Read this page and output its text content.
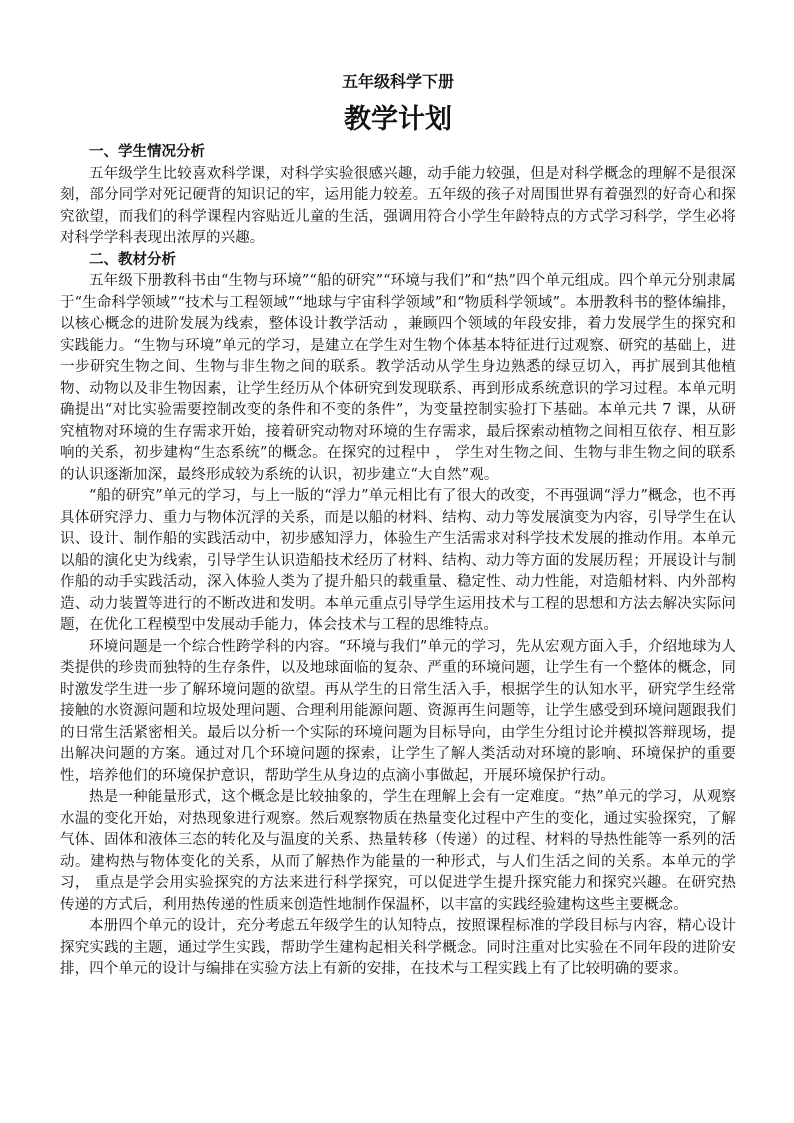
五年级科学下册
教学计划
一、学生情况分析

五年级学生比较喜欢科学课，对科学实验很感兴趣，动手能力较强，但是对科学概念的理解不是很深刻，部分同学对死记硬背的知识记的牢，运用能力较差。五年级的孩子对周围世界有着强烈的好奇心和探究欲望，而我们的科学课程内容贴近儿童的生活，强调用符合小学生年龄特点的方式学习科学，学生必将对科学学科表现出浓厚的兴趣。

二、教材分析

五年级下册教科书由“生物与环境”“船的研究”“环境与我们”和“热”四个单元组成。四个单元分别隶属于“生命科学领域”“技术与工程领域”“地球与宇宙科学领域”和“物质科学领域”。本册教科书的整体编排，以核心概念的进阶发展为线索，整体设计教学活动 ，兼顾四个领域的年段安排，着力发展学生的探究和实践能力。“生物与环境”单元的学习，是建立在学生对生物个体基本特征进行过观察、研究的基础上，进一步研究生物之间、生物与非生物之间的联系。教学活动从学生身边熟悉的绿豆切入，再扩展到其他植物、动物以及非生物因素，让学生经历从个体研究到发现联系、再到形成系统意识的学习过程。本单元明确提出“对比实验需要控制改变的条件和不变的条件”，为变量控制实验打下基础。本单元共 7 课，从研究植物对环境的生存需求开始，接着研究动物对环境的生存需求，最后探索动植物之间相互依存、相互影响的关系，初步建构“生态系统”的概念。在探究的过程中 ， 学生对生物之间、生物与非生物之间的联系的认识逐渐加深，最终形成较为系统的认识，初步建立“大自然”观。

“船的研究”单元的学习，与上一版的“浮力”单元相比有了很大的改变，不再强调“浮力”概念，也不再具体研究浮力、重力与物体沉浮的关系，而是以船的材料、结构、动力等发展演变为内容，引导学生在认识、设计、制作船的实践活动中，初步感知浮力，体验生产生活需求对科学技术发展的推动作用。本单元以船的演化史为线索，引导学生认识造船技术经历了材料、结构、动力等方面的发展历程；开展设计与制作船的动手实践活动，深入体验人类为了提升船只的载重量、稳定性、动力性能，对造船材料、内外部构造、动力装置等进行的不断改进和发明。本单元重点引导学生运用技术与工程的思想和方法去解决实际问题，在优化工程模型中发展动手能力，体会技术与工程的思维特点。

环境问题是一个综合性跨学科的内容。“环境与我们”单元的学习，先从宏观方面入手，介绍地球为人类提供的珍贵而独特的生存条件，以及地球面临的复杂、严重的环境问题，让学生有一个整体的概念，同时激发学生进一步了解环境问题的欲望。再从学生的日常生活入手，根据学生的认知水平，研究学生经常接触的水资源问题和垃圾处理问题、合理利用能源问题、资源再生问题等，让学生感受到环境问题跟我们的日常生活紧密相关。最后以分析一个实际的环境问题为目标导向，由学生分组讨论并模拟答辩现场，提出解决问题的方案。通过对几个环境问题的探索，让学生了解人类活动对环境的影响、环境保护的重要性，培养他们的环境保护意识，帮助学生从身边的点滴小事做起，开展环境保护行动。

热是一种能量形式，这个概念是比较抽象的，学生在理解上会有一定难度。“热”单元的学习，从观察水温的变化开始，对热现象进行观察。然后观察物质在热量变化过程中产生的变化，通过实验探究，了解气体、固体和液体三态的转化及与温度的关系、热量转移（传递）的过程、材料的导热性能等一系列的活动。建构热与物体变化的关系，从而了解热作为能量的一种形式，与人们生活之间的关系。本单元的学习， 重点是学会用实验探究的方法来进行科学探究，可以促进学生提升探究能力和探究兴趣。在研究热传递的方式后，利用热传递的性质来创造性地制作保温杯，以丰富的实践经验建构这些主要概念。

本册四个单元的设计，充分考虑五年级学生的认知特点，按照课程标准的学段目标与内容，精心设计探究实践的主题，通过学生实践，帮助学生建构起相关科学概念。同时注重对比实验在不同年段的进阶安排，四个单元的设计与编排在实验方法上有新的安排，在技术与工程实践上有了比较明确的要求。
